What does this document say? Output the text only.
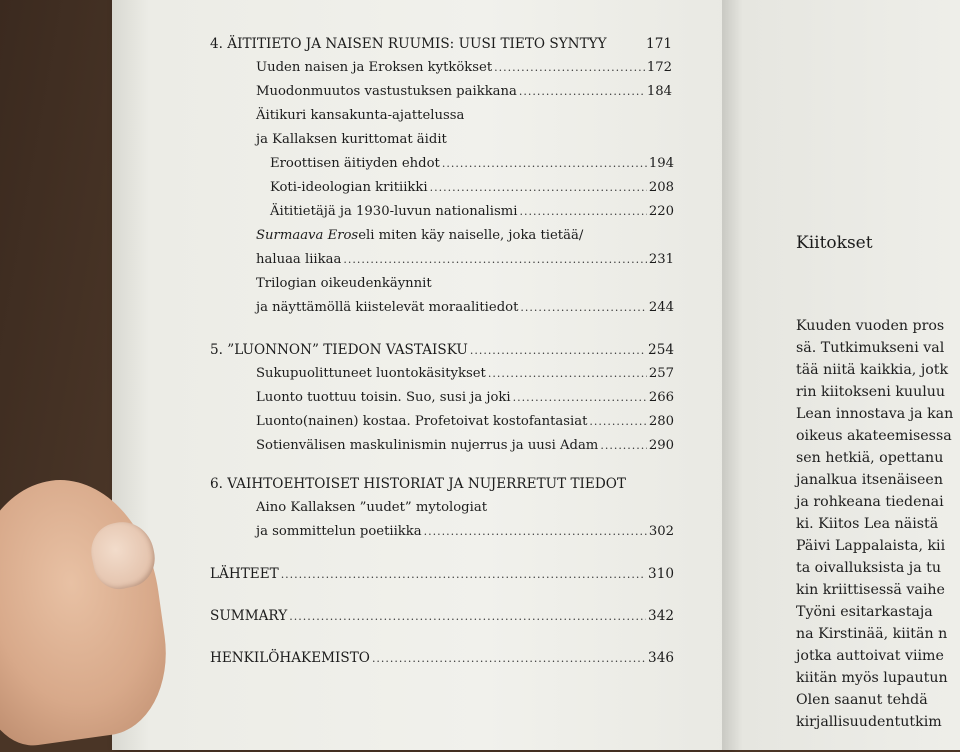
4. ÄITITIETO JA NAISEN RUUMIS: UUSI TIETO SYNTYY	171
Uuden naisen ja Eroksen kytkökset .....	172
Muodonmuutos vastustuksen paikkana .....	184
Äitikuri kansakunta-ajattelussa
ja Kallaksen kurittomat äidit
Eroottisen äitiyden ehdot .....	194
Koti-ideologian kritiikki .....	208
Äititietäjä ja 1930-luvun nationalismi .....	220
Surmaava Eros eli miten käy naiselle, joka tietää/
haluaa liikaa .....	231
Trilogian oikeudenkäynnit
ja näyttämöllä kiistelevät moraalitiedot .....	244
5. ”LUONNON” TIEDON VASTAISKU .....	254
Sukupuolittuneet luontokäsitykset .....	257
Luonto tuottuu toisin. Suo, susi ja joki .....	266
Luonto(nainen) kostaa. Profetoivat kostofantasiat .....	280
Sotienvälisen maskulinismin nujerrus ja uusi Adam .....	290
6. VAIHTOEHTOISET HISTORIAT JA NUJERRETUT TIEDOT
Aino Kallaksen ”uudet” mytologiat
ja sommittelun poetiikka .....	302
LÄHTEET .....	310
SUMMARY .....	342
HENKILÖHAKEMISTO .....	346
Kiitokset
Kuuden vuoden pros
sä. Tutkimukseni val
tää niitä kaikkia, jotk
rin kiitokseni kuuluu
Lean innostava ja kan
oikeus akateemisessa
sen hetkiä, opettanu
janalkua itsenäiseen
ja rohkeana tiedenai
ki. Kiitos Lea näistä
Päivi Lappalaista, kii
ta oivalluksista ja tu
kin kriittisessä vaihe
Työni esitarkastaja
na Kirstinää, kiitän n
jotka auttoivat viime
kiitän myös lupautun
Olen saanut tehdä
kirjallisuudentutkim
